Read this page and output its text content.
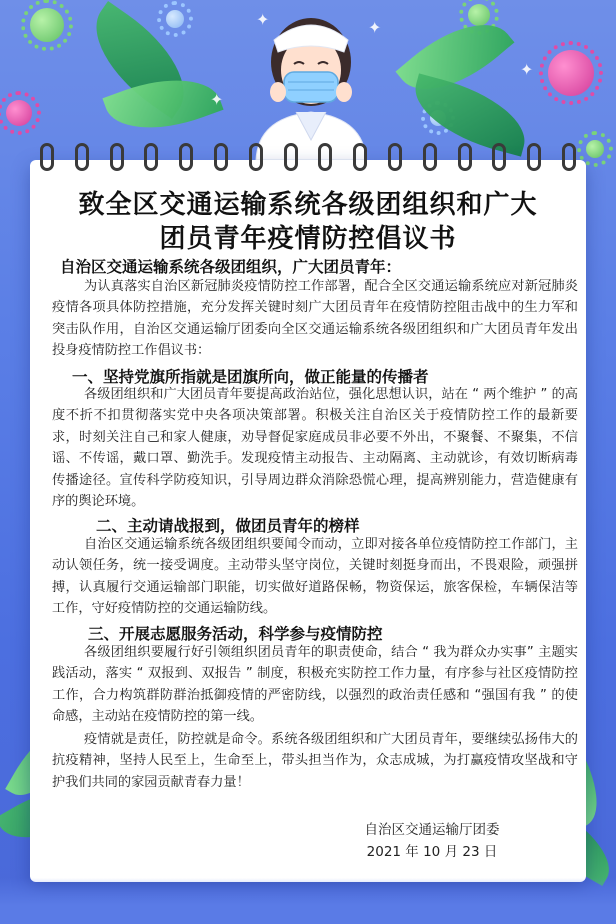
✦	✦
✦
✦
致全区交通运输系统各级团组织和广大
团员青年疫情防控倡议书

自治区交通运输系统各级团组织，广大团员青年：

为认真落实自治区新冠肺炎疫情防控工作部署，配合全区交通运输系统应对新冠肺炎疫情各项具体防控措施，充分发挥关键时刻广大团员青年在疫情防控阻击战中的生力军和突击队作用，自治区交通运输厅团委向全区交通运输系统各级团组织和广大团员青年发出投身疫情防控工作倡议书：

一、坚持党旗所指就是团旗所向，做正能量的传播者

各级团组织和广大团员青年要提高政治站位，强化思想认识，站在 “ 两个维护 ” 的高度不折不扣贯彻落实党中央各项决策部署。积极关注自治区关于疫情防控工作的最新要求，时刻关注自己和家人健康，劝导督促家庭成员非必要不外出，不聚餐、不聚集，不信谣、不传谣，戴口罩、勤洗手。发现疫情主动报告、主动隔离、主动就诊，有效切断病毒传播途径。宣传科学防疫知识，引导周边群众消除恐慌心理，提高辨别能力，营造健康有序的舆论环境。

二、主动请战报到，做团员青年的榜样

自治区交通运输系统各级团组织要闻令而动，立即对接各单位疫情防控工作部门，主动认领任务，统一接受调度。主动带头坚守岗位，关键时刻挺身而出，不畏艰险，顽强拼搏，认真履行交通运输部门职能，切实做好道路保畅，物资保运，旅客保检，车辆保洁等工作，守好疫情防控的交通运输防线。

三、开展志愿服务活动，科学参与疫情防控

各级团组织要履行好引领组织团员青年的职责使命，结合 “ 我为群众办实事” 主题实践活动，落实 “ 双报到、双报告 ” 制度，积极充实防控工作力量，有序参与社区疫情防控工作，合力构筑群防群治抵御疫情的严密防线，以强烈的政治责任感和 “强国有我 ” 的使命感，主动站在疫情防控的第一线。

疫情就是责任，防控就是命令。系统各级团组织和广大团员青年，要继续弘扬伟大的抗疫精神，坚持人民至上，生命至上，带头担当作为，众志成城，为打赢疫情攻坚战和守护我们共同的家园贡献青春力量！

自治区交通运输厅团委

2021 年 10 月 23 日
